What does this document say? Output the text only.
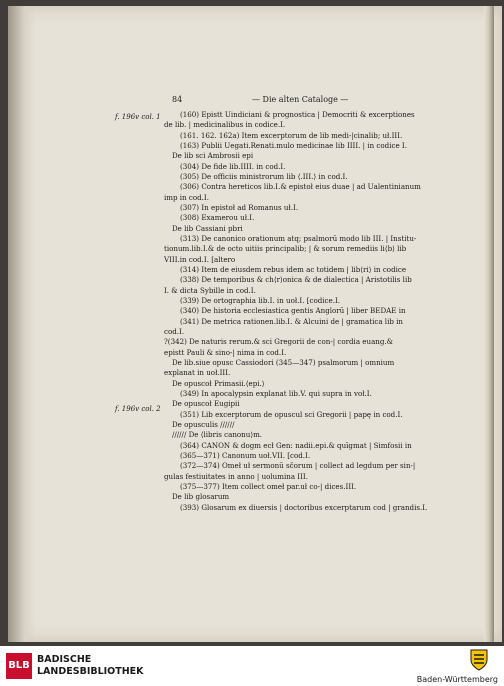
84	— Die alten Cataloge —
f. 196v col. 1
f. 196v col. 2
(160) Epistt Uindiciani & prognostica | Democriti & excerptiones
de lib. | medicinalibus in codice.I.
(161. 162. 162a) Item excerptorum de lib medi-|cinalib; uł.III.
(163) Publii Uegati.Renati.mulo medicinae lib IIII. | in codice I.
De lib sci Ambrosii epi
(304) De fide lib.IIII. in cod.I.
(305) De officiis ministrorum lib ⟨.III.⟩ in cod.I.
(306) Contra hereticos lib.I.& epistoł eius duae | ad Ualentinianum
imp in cod.I.
(307) In epistoł ad Romanus uł.I.
(308) Examerou uł.I.
De lib Cassiani pbri
(313) De canonico orationum atq; psalmorū modo lib III. | Institu-
tionum.lib.I.& de octo uitiis principalib; | & sorum remediis li⟨b⟩ lib
VIII.in cod.I. [altero
(314) Item de eiusdem rebus idem ac totidem | lib⟨ri⟩ in codice
(338) De temporibus & ch⟨r⟩onica & de dialectica | Aristotilis lib
I. & dicta Sybille in cod.I.
(339) De ortographia lib.I. in uoł.I. [codice.I.
(340) De historia ecclesiastica gentis Anglorū | liber BEDAE in
(341) De metrica rationen.lib.I. & Alcuini de | gramatica lib in
cod.I.
?(342) De naturis rerum.& sci Gregorii de con-| cordia euang.&
epistt Pauli & sino-| nima in cod.I.
De lib.siue opusc Cassiodori (345—347) psalmorum | omnium
explanat in uoł.III.
De opuscoł Primasii.⟨epi.⟩
(349) In apocalypsin explanat lib.V. qui supra in voł.I.
De opuscoł Eugipii
(351) Lib excerptorum de opuscul sci Gregorii | papę in cod.I.
De opusculis //////
////// De ⟨libris canonu⟩m.
(364) CANON & dogm ecł Gen: nadii.epi.& quīgmat | Simfosii in
(365—371) Canonum uoł.VII. [cod.I.
(372—374) Omeł uł sermonū sčorum | collect ad legdum per sin-|
gulas festiuitates in anno | uoluminа III.
(375—377) Item collect omeł par.uł co-| dices.III.
De lib glosarum
(393) Glosarum ex diuersis | doctoribus excerptarum cod | grandis.I.
BLB
BADISCHE
LANDESBIBLIOTHEK
Baden-Württemberg
